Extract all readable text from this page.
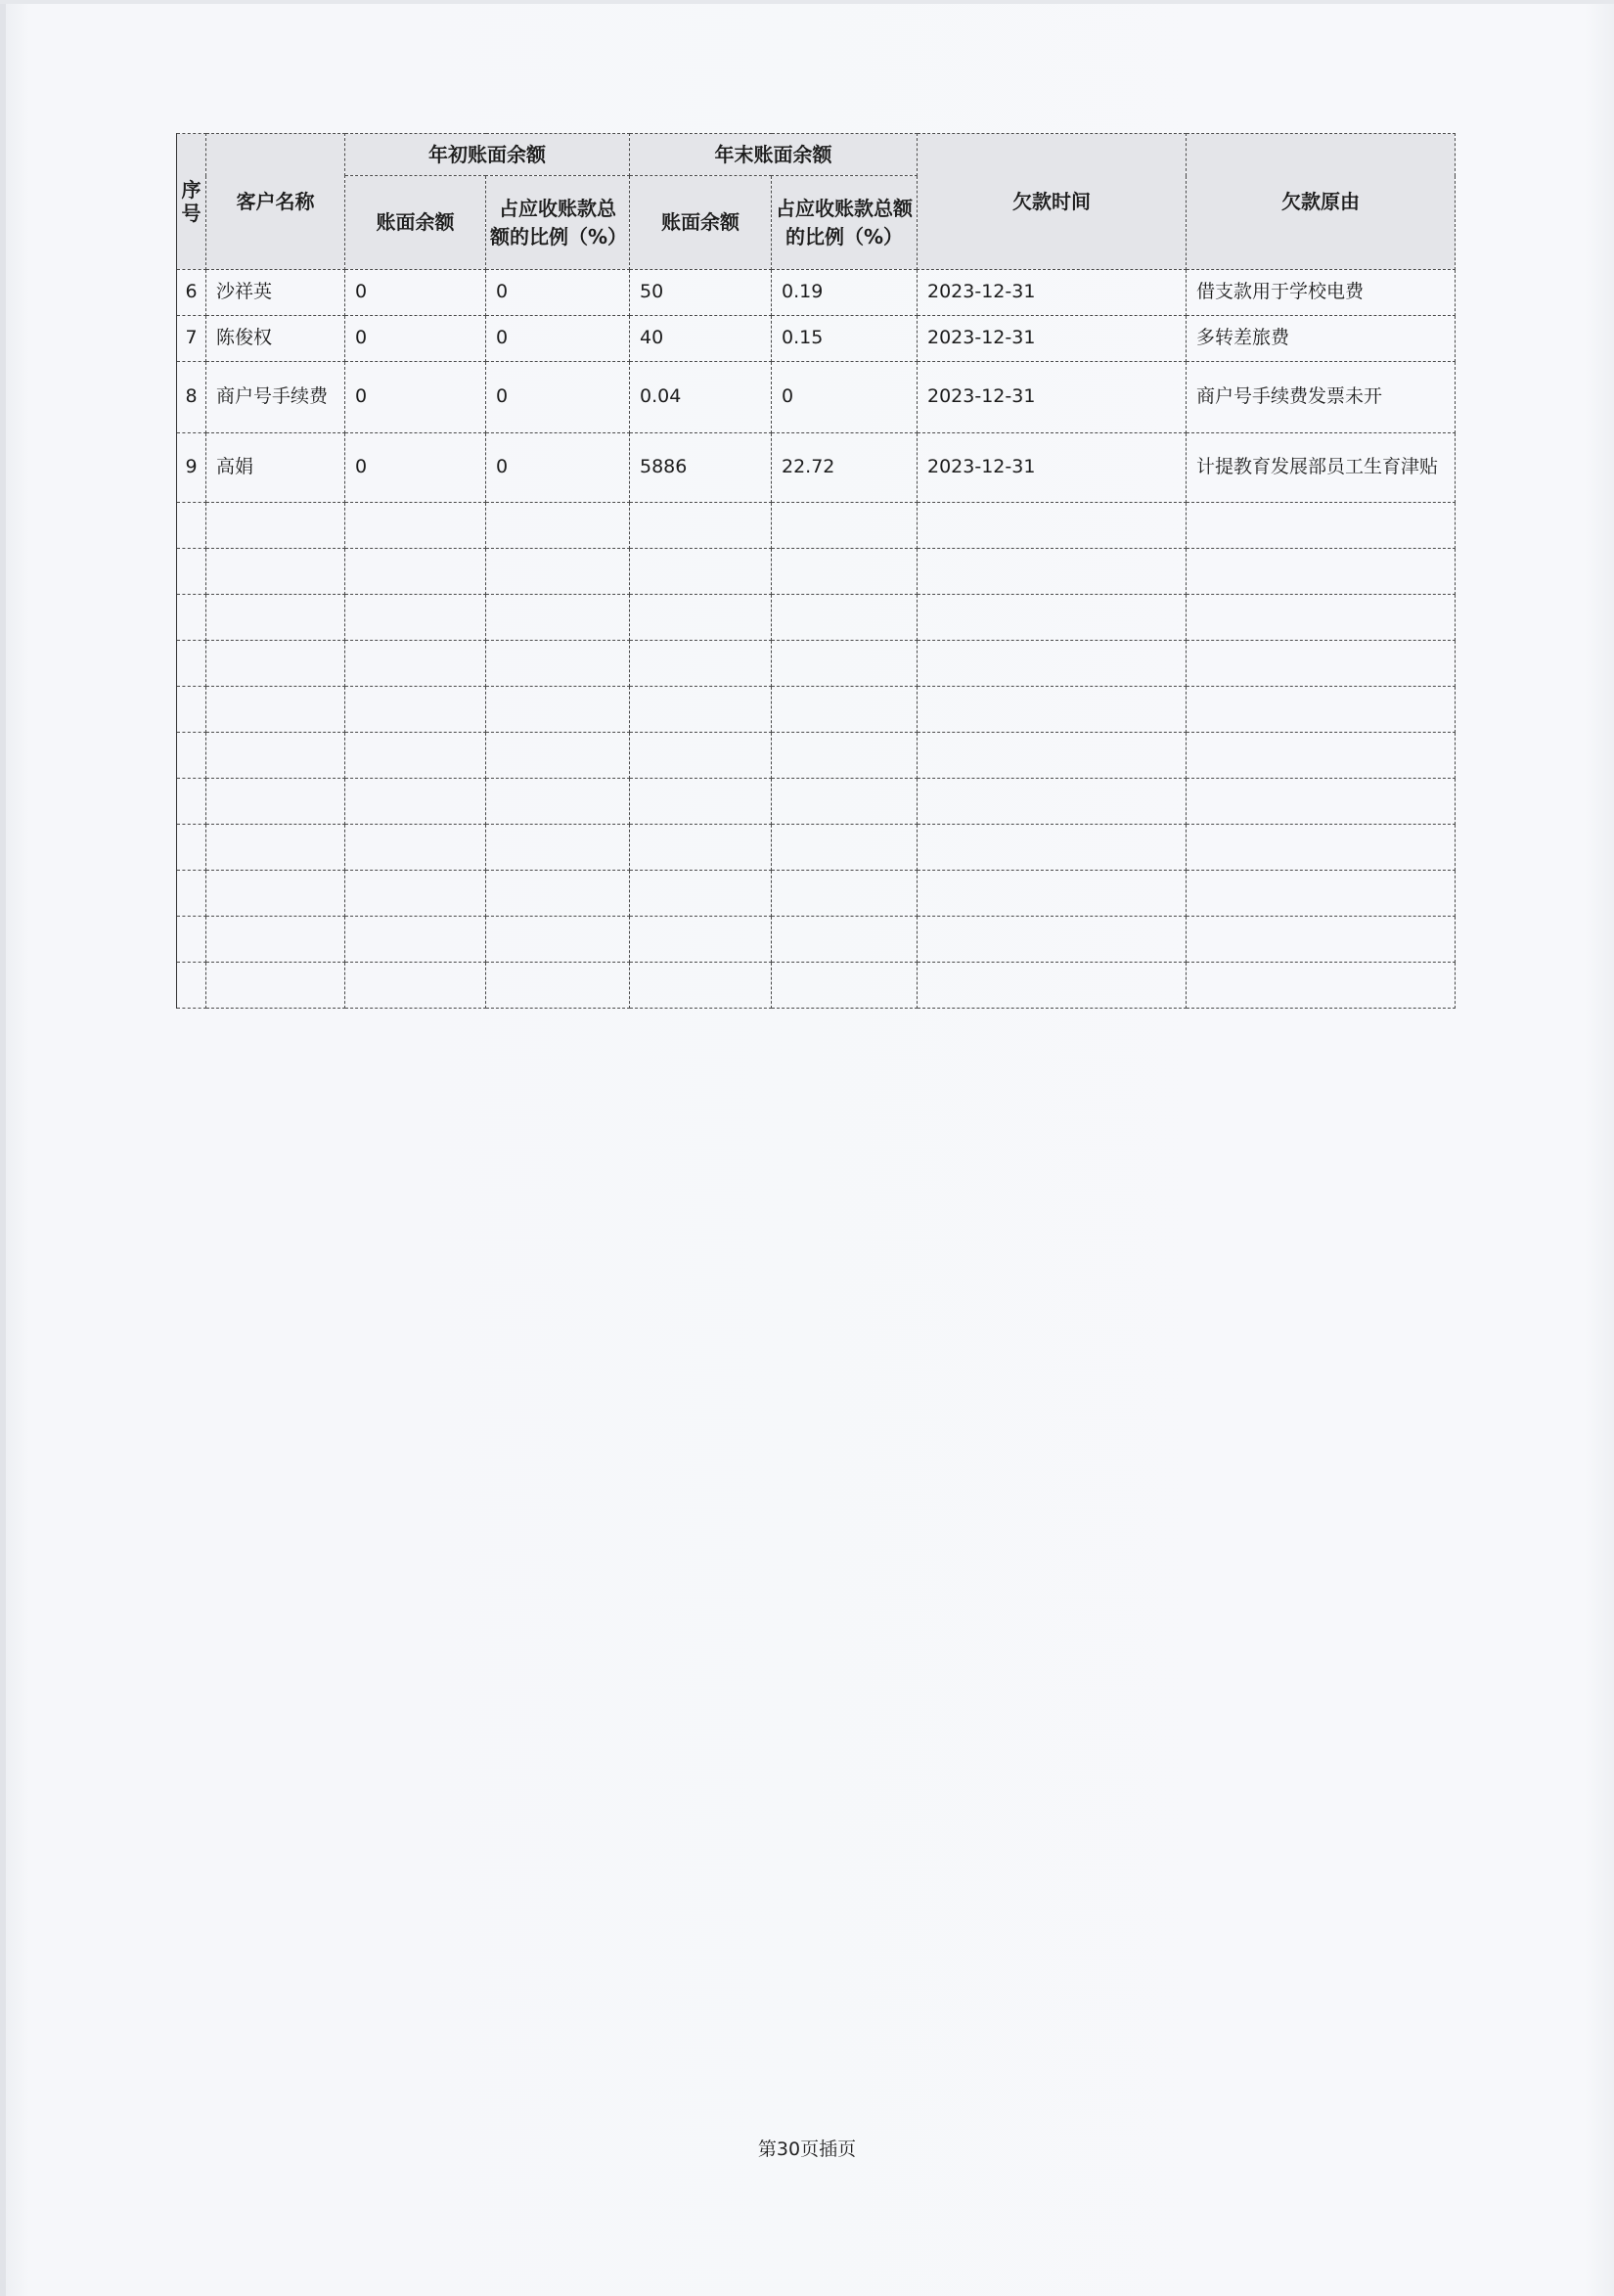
序号	客户名称	年初账面余额		年末账面余额		欠款时间	欠款原由
		账面余额	占应收账款总额的比例（%）	账面余额	占应收账款总额的比例（%）		
6	沙祥英	0	0	50	0.19	2023-12-31	借支款用于学校电费
7	陈俊权	0	0	40	0.15	2023-12-31	多转差旅费
8	商户号手续费	0	0	0.04	0	2023-12-31	商户号手续费发票未开
9	高娟	0	0	5886	22.72	2023-12-31	计提教育发展部员工生育津贴

第30页插页
